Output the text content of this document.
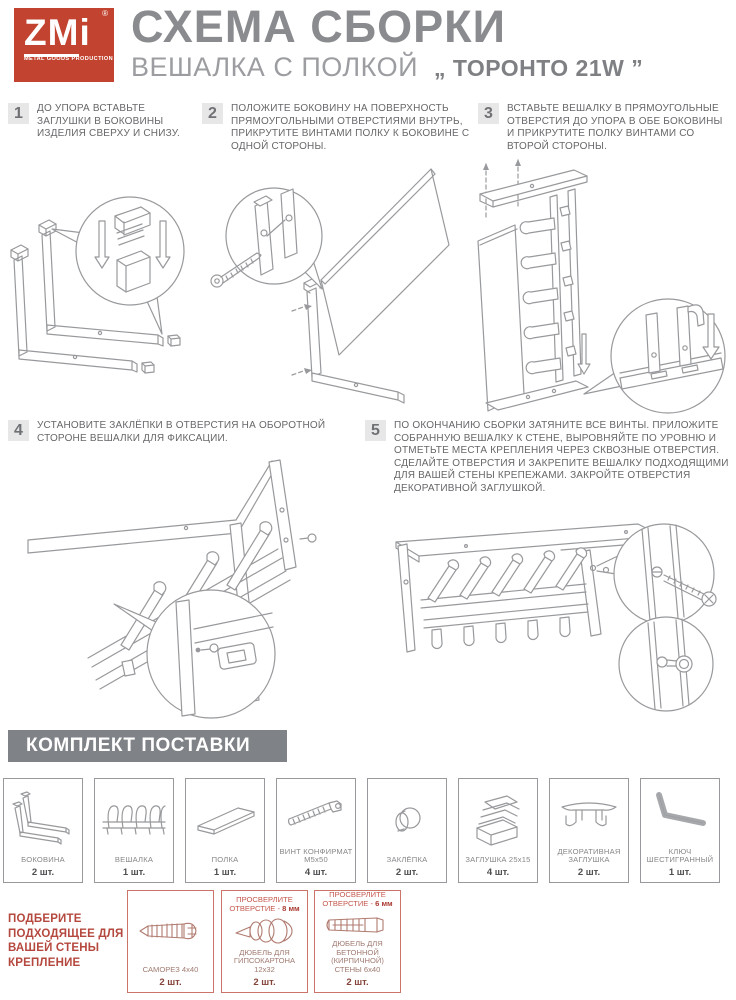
ZMi ®
METAL GOODS PRODUCTION
СХЕМА СБОРКИ
ВЕШАЛКА С ПОЛКОЙ „ ТОРОНТО 21W ”
1	ДО УПОРА ВСТАВЬТЕ ЗАГЛУШКИ В БОКОВИНЫ ИЗДЕЛИЯ СВЕРХУ И СНИЗУ.
2	ПОЛОЖИТЕ БОКОВИНУ НА ПОВЕРХНОСТЬ ПРЯМОУГОЛЬНЫМИ ОТВЕРСТИЯМИ ВНУТРЬ, ПРИКРУТИТЕ ВИНТАМИ ПОЛКУ К БОКОВИНЕ С ОДНОЙ СТОРОНЫ.
3	ВСТАВЬТЕ ВЕШАЛКУ В ПРЯМОУГОЛЬНЫЕ ОТВЕРСТИЯ ДО УПОРА В ОБЕ БОКОВИНЫ И ПРИКРУТИТЕ ПОЛКУ ВИНТАМИ СО ВТОРОЙ СТОРОНЫ.
4	УСТАНОВИТЕ ЗАКЛЁПКИ В ОТВЕРСТИЯ НА ОБОРОТНОЙ СТОРОНЕ ВЕШАЛКИ ДЛЯ ФИКСАЦИИ.	5	ПО ОКОНЧАНИЮ СБОРКИ ЗАТЯНИТЕ ВСЕ ВИНТЫ. ПРИЛОЖИТЕ СОБРАННУЮ ВЕШАЛКУ К СТЕНЕ, ВЫРОВНЯЙТЕ ПО УРОВНЮ И ОТМЕТЬТЕ МЕСТА КРЕПЛЕНИЯ ЧЕРЕЗ СКВОЗНЫЕ ОТВЕРСТИЯ. СДЕЛАЙТЕ ОТВЕРСТИЯ И ЗАКРЕПИТЕ ВЕШАЛКУ ПОДХОДЯЩИМИ ДЛЯ ВАШЕЙ СТЕНЫ КРЕПЕЖАМИ. ЗАКРОЙТЕ ОТВЕРСТИЯ ДЕКОРАТИВНОЙ ЗАГЛУШКОЙ.
КОМПЛЕКТ ПОСТАВКИ
БОКОВИНА
2 шт.
ВЕШАЛКА
1 шт.
ПОЛКА
1 шт.
ВИНТ КОНФИРМАТ М5х50
4 шт.
ЗАКЛЁПКА
2 шт.
ЗАГЛУШКА 25х15
4 шт.
ДЕКОРАТИВНАЯ ЗАГЛУШКА
2 шт.
КЛЮЧ ШЕСТИГРАННЫЙ
1 шт.
ПОДБЕРИТЕ ПОДХОДЯЩЕЕ ДЛЯ ВАШЕЙ СТЕНЫ КРЕПЛЕНИЕ
САМОРЕЗ 4х40
2 шт.
ПРОСВЕРЛИТЕ ОТВЕРСТИЕ - 8 мм
ДЮБЕЛЬ ДЛЯ ГИПСОКАРТОНА 12х32
2 шт.
ПРОСВЕРЛИТЕ ОТВЕРСТИЕ - 6 мм
ДЮБЕЛЬ ДЛЯ БЕТОННОЙ (КИРПИЧНОЙ) СТЕНЫ 6х40
2 шт.
